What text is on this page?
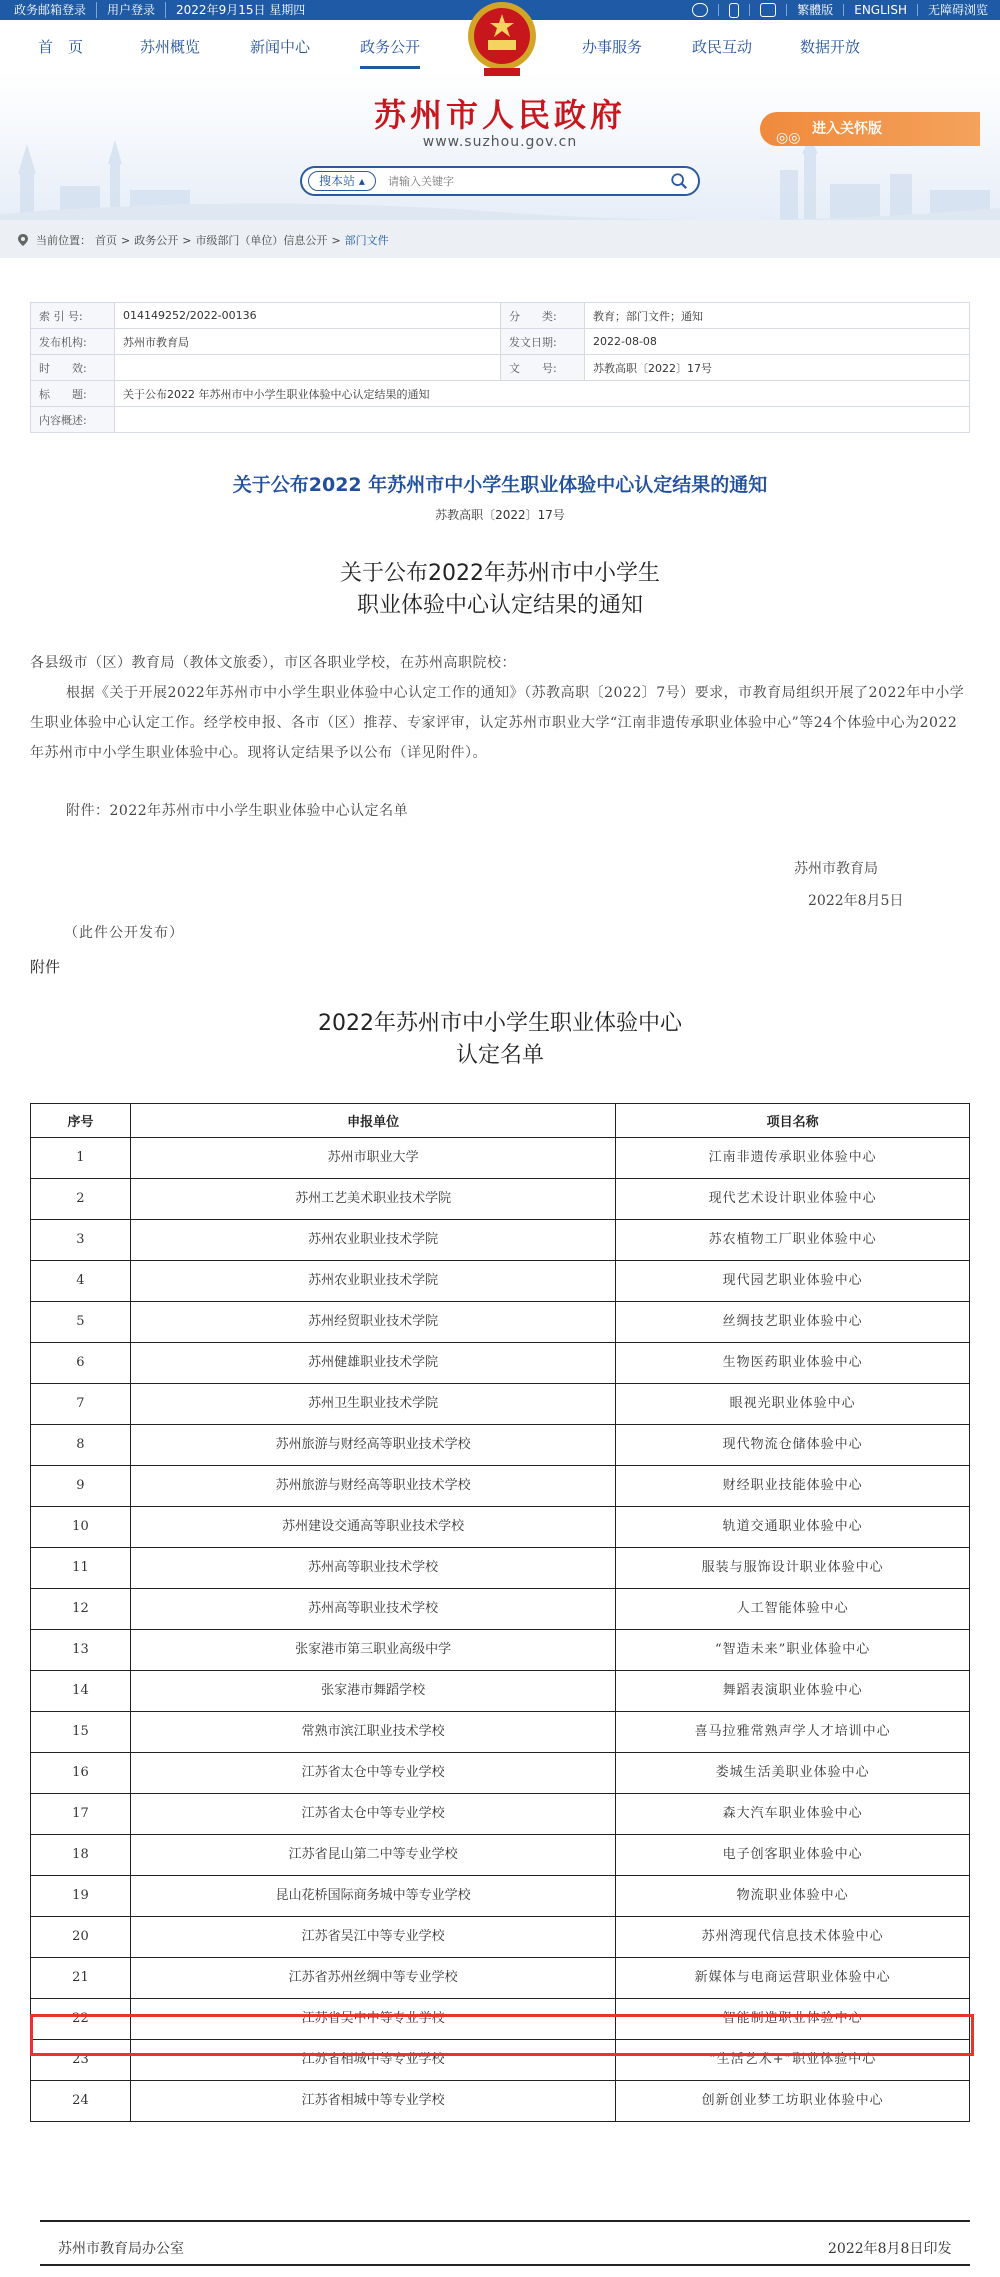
政务邮箱登录	用户登录	2022年9月15日 星期四	繁體版 ENGLISH 无障碍浏览
首　页	苏州概览	新闻中心	政务公开	办事服务	政民互动	数据开放
苏州市人民政府
www.suzhou.gov.cn	◎◎
进入关怀版
搜本站 ▴
请输入关键字
当前位置： 首页 > 政务公开 > 市级部门（单位）信息公开 > 部门文件
索 引 号:	014149252/2022-00136	分　　类:	教育；部门文件；通知
发布机构:	苏州市教育局	发文日期:	2022-08-08
时　　效:		文　　号:	苏教高职〔2022〕17号
标　　题:	关于公布2022 年苏州市中小学生职业体验中心认定结果的通知		
内容概述:			
关于公布2022 年苏州市中小学生职业体验中心认定结果的通知
苏教高职〔2022〕17号
关于公布2022年苏州市中小学生
职业体验中心认定结果的通知
各县级市（区）教育局（教体文旅委），市区各职业学校，在苏州高职院校：
根据《关于开展2022年苏州市中小学生职业体验中心认定工作的通知》（苏教高职〔2022〕7号）要求，市教育局组织开展了2022年中小学生职业体验中心认定工作。经学校申报、各市（区）推荐、专家评审，认定苏州市职业大学“江南非遗传承职业体验中心”等24个体验中心为2022年苏州市中小学生职业体验中心。现将认定结果予以公布（详见附件）。
附件：2022年苏州市中小学生职业体验中心认定名单
苏州市教育局
2022年8月5日
（此件公开发布）
附件
2022年苏州市中小学生职业体验中心
认定名单
序号	申报单位	项目名称
1	苏州市职业大学	江南非遗传承职业体验中心
2	苏州工艺美术职业技术学院	现代艺术设计职业体验中心
3	苏州农业职业技术学院	苏农植物工厂职业体验中心
4	苏州农业职业技术学院	现代园艺职业体验中心
5	苏州经贸职业技术学院	丝绸技艺职业体验中心
6	苏州健雄职业技术学院	生物医药职业体验中心
7	苏州卫生职业技术学院	眼视光职业体验中心
8	苏州旅游与财经高等职业技术学校	现代物流仓储体验中心
9	苏州旅游与财经高等职业技术学校	财经职业技能体验中心
10	苏州建设交通高等职业技术学校	轨道交通职业体验中心
11	苏州高等职业技术学校	服装与服饰设计职业体验中心
12	苏州高等职业技术学校	人工智能体验中心
13	张家港市第三职业高级中学	“智造未来”职业体验中心
14	张家港市舞蹈学校	舞蹈表演职业体验中心
15	常熟市滨江职业技术学校	喜马拉雅常熟声学人才培训中心
16	江苏省太仓中等专业学校	娄城生活美职业体验中心
17	江苏省太仓中等专业学校	森大汽车职业体验中心
18	江苏省昆山第二中等专业学校	电子创客职业体验中心
19	昆山花桥国际商务城中等专业学校	物流职业体验中心
20	江苏省吴江中等专业学校	苏州湾现代信息技术体验中心
21	江苏省苏州丝绸中等专业学校	新媒体与电商运营职业体验中心
22	江苏省吴中中等专业学校	智能制造职业体验中心
23	江苏省相城中等专业学校	“生活艺术+”职业体验中心
24	江苏省相城中等专业学校	创新创业梦工坊职业体验中心
苏州市教育局办公室	2022年8月8日印发
